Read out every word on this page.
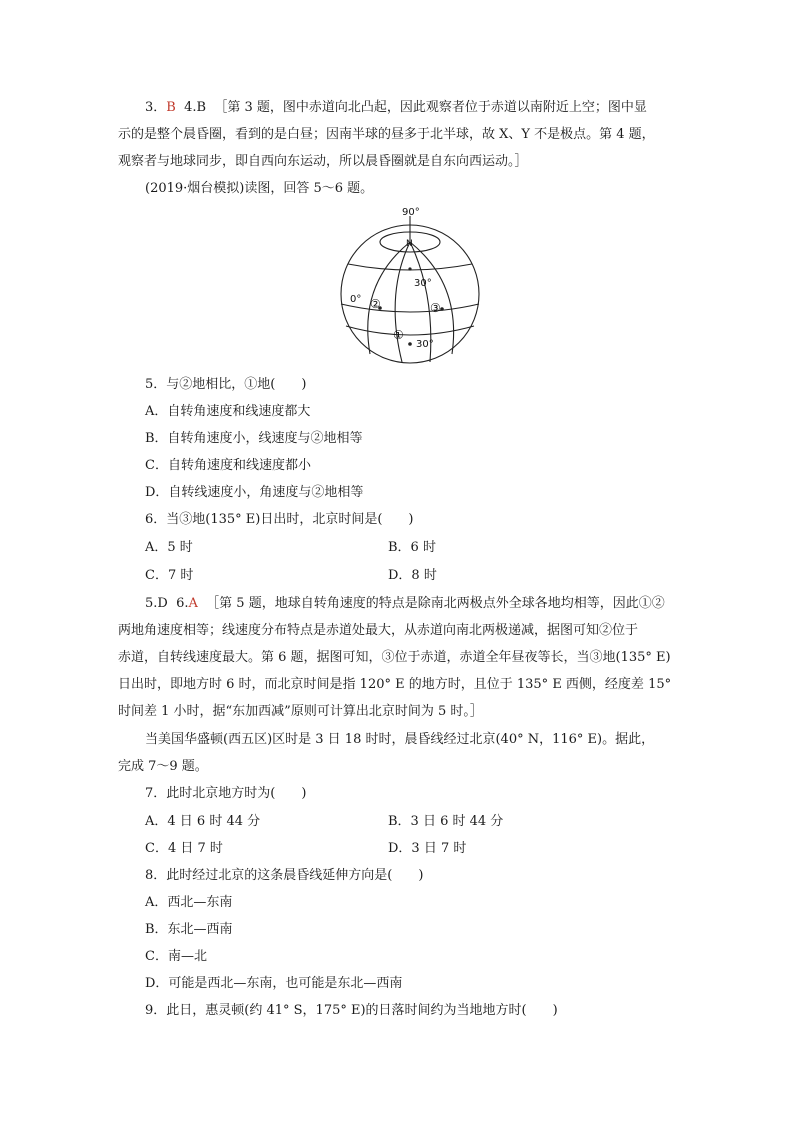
3．B 4.B ［第 3 题，图中赤道向北凸起，因此观察者位于赤道以南附近上空；图中显
示的是整个晨昏圈，看到的是白昼；因南半球的昼多于北半球，故 X、Y 不是极点。第 4 题，
观察者与地球同步，即自西向东运动，所以晨昏圈就是自东向西运动。］
(2019·烟台模拟)读图，回答 5～6 题。
90°
N
30°
0° ②	③
①
30°
5．与②地相比，①地(　　)
A．自转角速度和线速度都大
B．自转角速度小，线速度与②地相等
C．自转角速度和线速度都小
D．自转线速度小，角速度与②地相等
6．当③地(135° E)日出时，北京时间是(　　)
A．5 时	B．6 时
C．7 时	D．8 时
5.D 6.A ［第 5 题，地球自转角速度的特点是除南北两极点外全球各地均相等，因此①②
两地角速度相等；线速度分布特点是赤道处最大，从赤道向南北两极递减，据图可知②位于
赤道，自转线速度最大。第 6 题，据图可知，③位于赤道，赤道全年昼夜等长，当③地(135° E)
日出时，即地方时 6 时，而北京时间是指 120° E 的地方时，且位于 135° E 西侧，经度差 15°
时间差 1 小时，据“东加西减”原则可计算出北京时间为 5 时。］
当美国华盛顿(西五区)区时是 3 日 18 时时，晨昏线经过北京(40° N，116° E)。据此，
完成 7～9 题。
7．此时北京地方时为(　　)
A．4 日 6 时 44 分	B．3 日 6 时 44 分
C．4 日 7 时	D．3 日 7 时
8．此时经过北京的这条晨昏线延伸方向是(　　)
A．西北—东南
B．东北—西南
C．南—北
D．可能是西北—东南，也可能是东北—西南
9．此日，惠灵顿(约 41° S，175° E)的日落时间约为当地地方时(　　)
